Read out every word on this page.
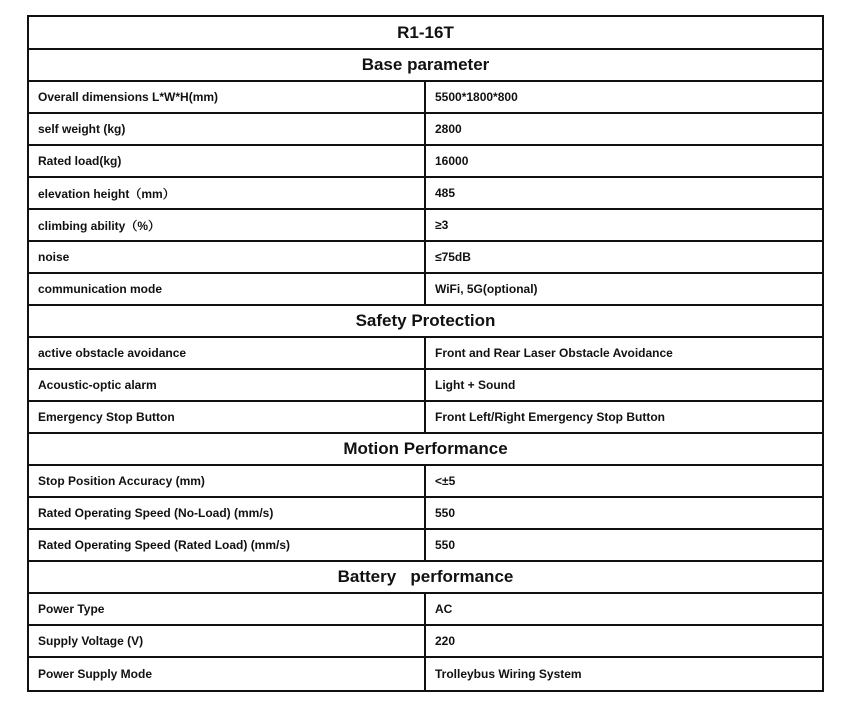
R1-16T
Base parameter
Overall dimensions L*W*H(mm)	5500*1800*800
self weight (kg)	2800
Rated load(kg)	16000
elevation height（mm）	485
climbing ability（%）	≥3
noise	≤75dB
communication mode	WiFi, 5G(optional)
Safety Protection
active obstacle avoidance	Front and Rear Laser Obstacle Avoidance
Acoustic-optic alarm	Light + Sound
Emergency Stop Button	Front Left/Right Emergency Stop Button
Motion Performance
Stop Position Accuracy (mm)	<±5
Rated Operating Speed (No-Load) (mm/s)	550
Rated Operating Speed (Rated Load) (mm/s)	550
Battery   performance
Power Type	AC
Supply Voltage (V)	220
Power Supply Mode	Trolleybus Wiring System
